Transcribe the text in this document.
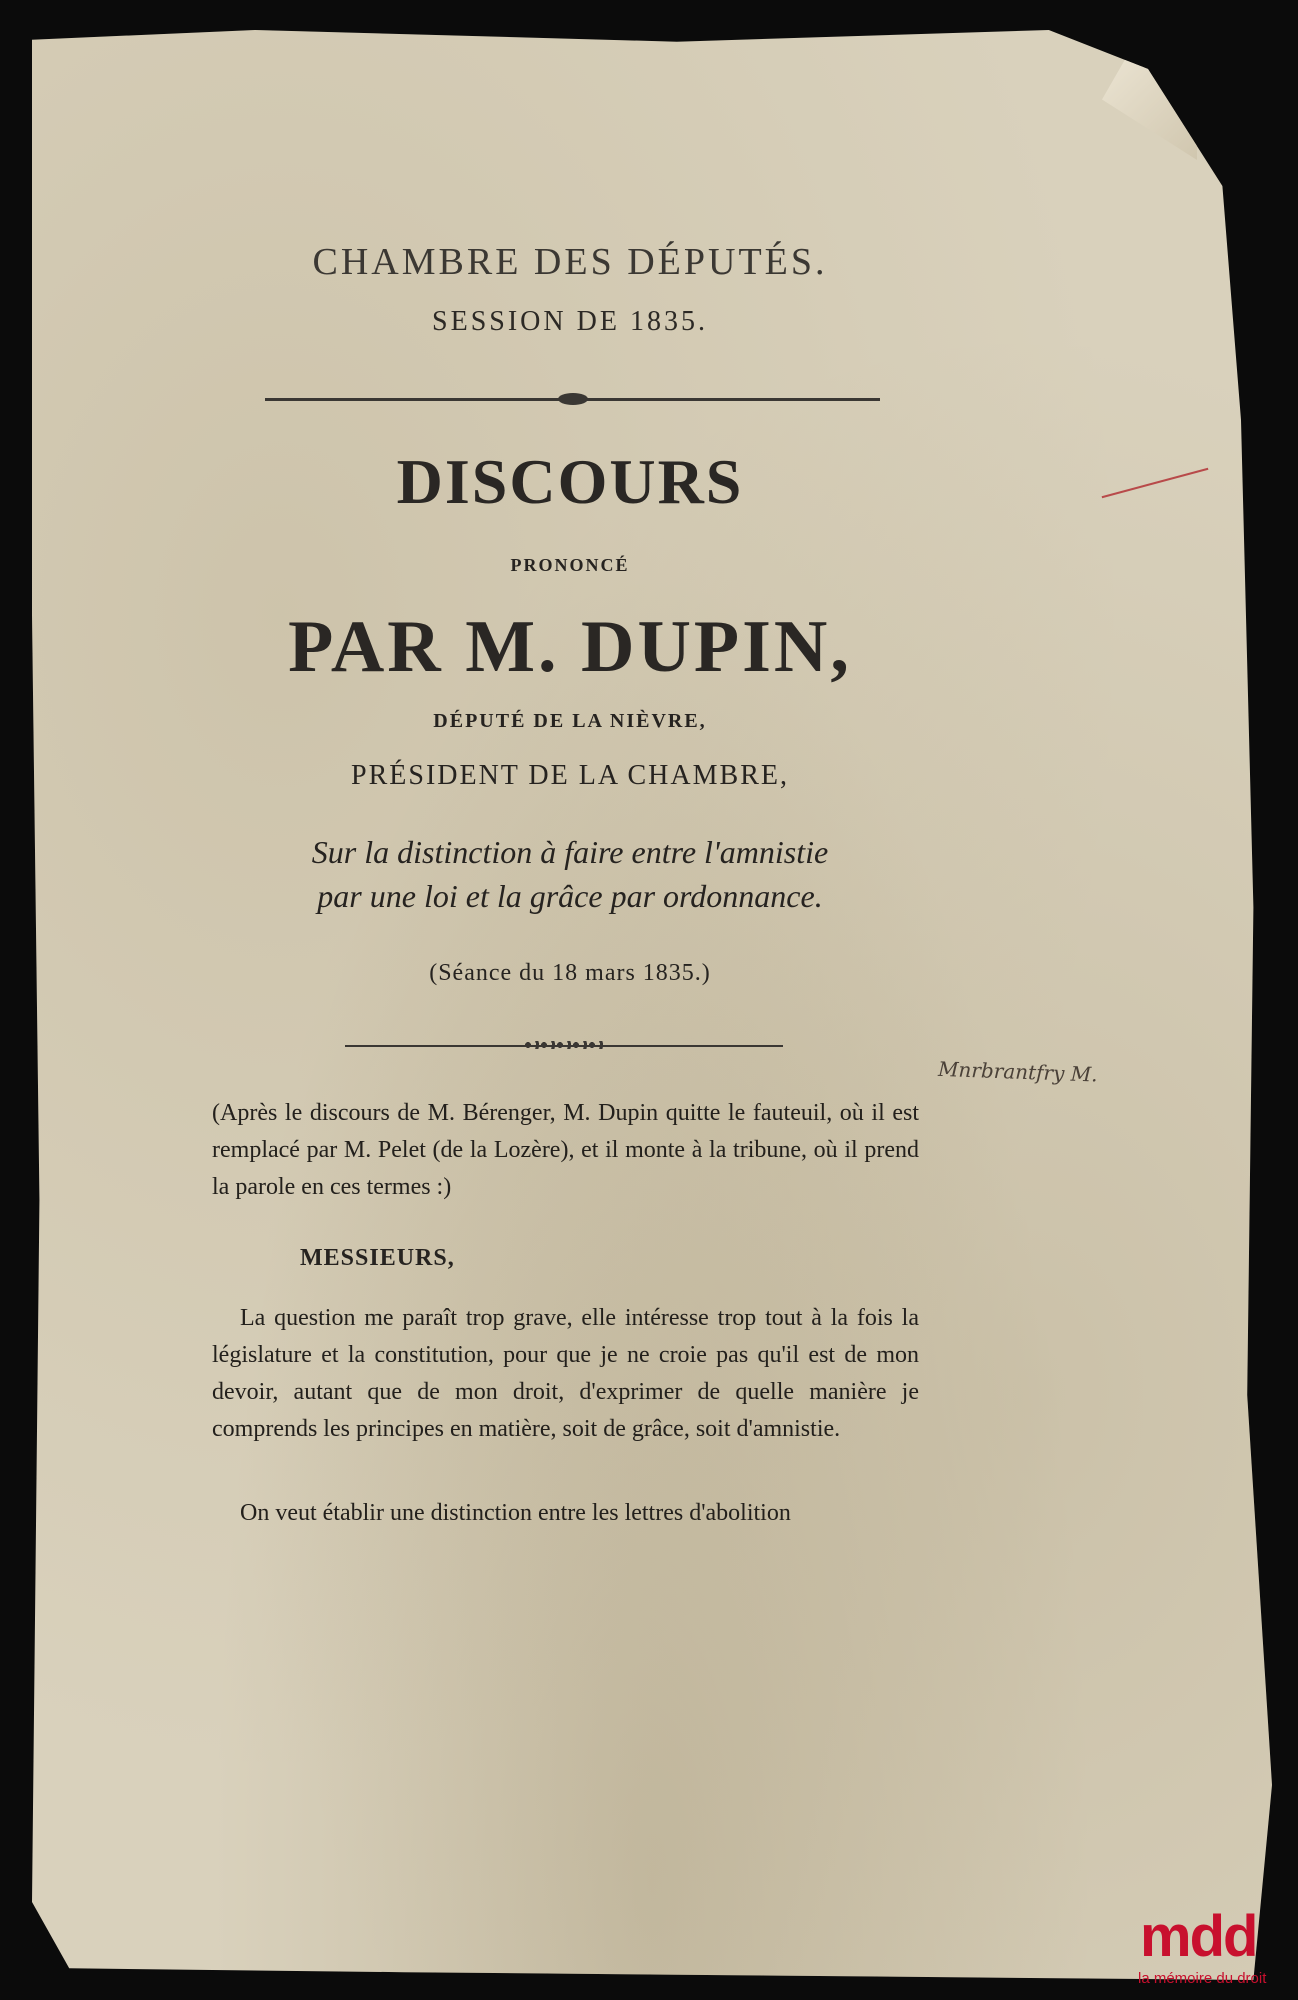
CHAMBRE DES DÉPUTÉS.
SESSION DE 1835.
DISCOURS
PRONONCÉ
PAR M. DUPIN,
DÉPUTÉ DE LA NIÈVRE,
PRÉSIDENT DE LA CHAMBRE,
Sur la distinction à faire entre l'amnistie
par une loi et la grâce par ordonnance.
(Séance du 18 mars 1835.)
(Après le discours de M. Bérenger, M. Dupin quitte le fauteuil, où il est remplacé par M. Pelet (de la Lozère), et il monte à la tribune, où il prend la parole en ces termes :)
MESSIEURS,
La question me paraît trop grave, elle intéresse trop tout à la fois la législature et la constitution, pour que je ne croie pas qu'il est de mon devoir, autant que de mon droit, d'exprimer de quelle manière je comprends les principes en matière, soit de grâce, soit d'amnistie.
On veut établir une distinction entre les lettres d'abolition
Mnrbrantfry M.
mdd
la mémoire du droit
